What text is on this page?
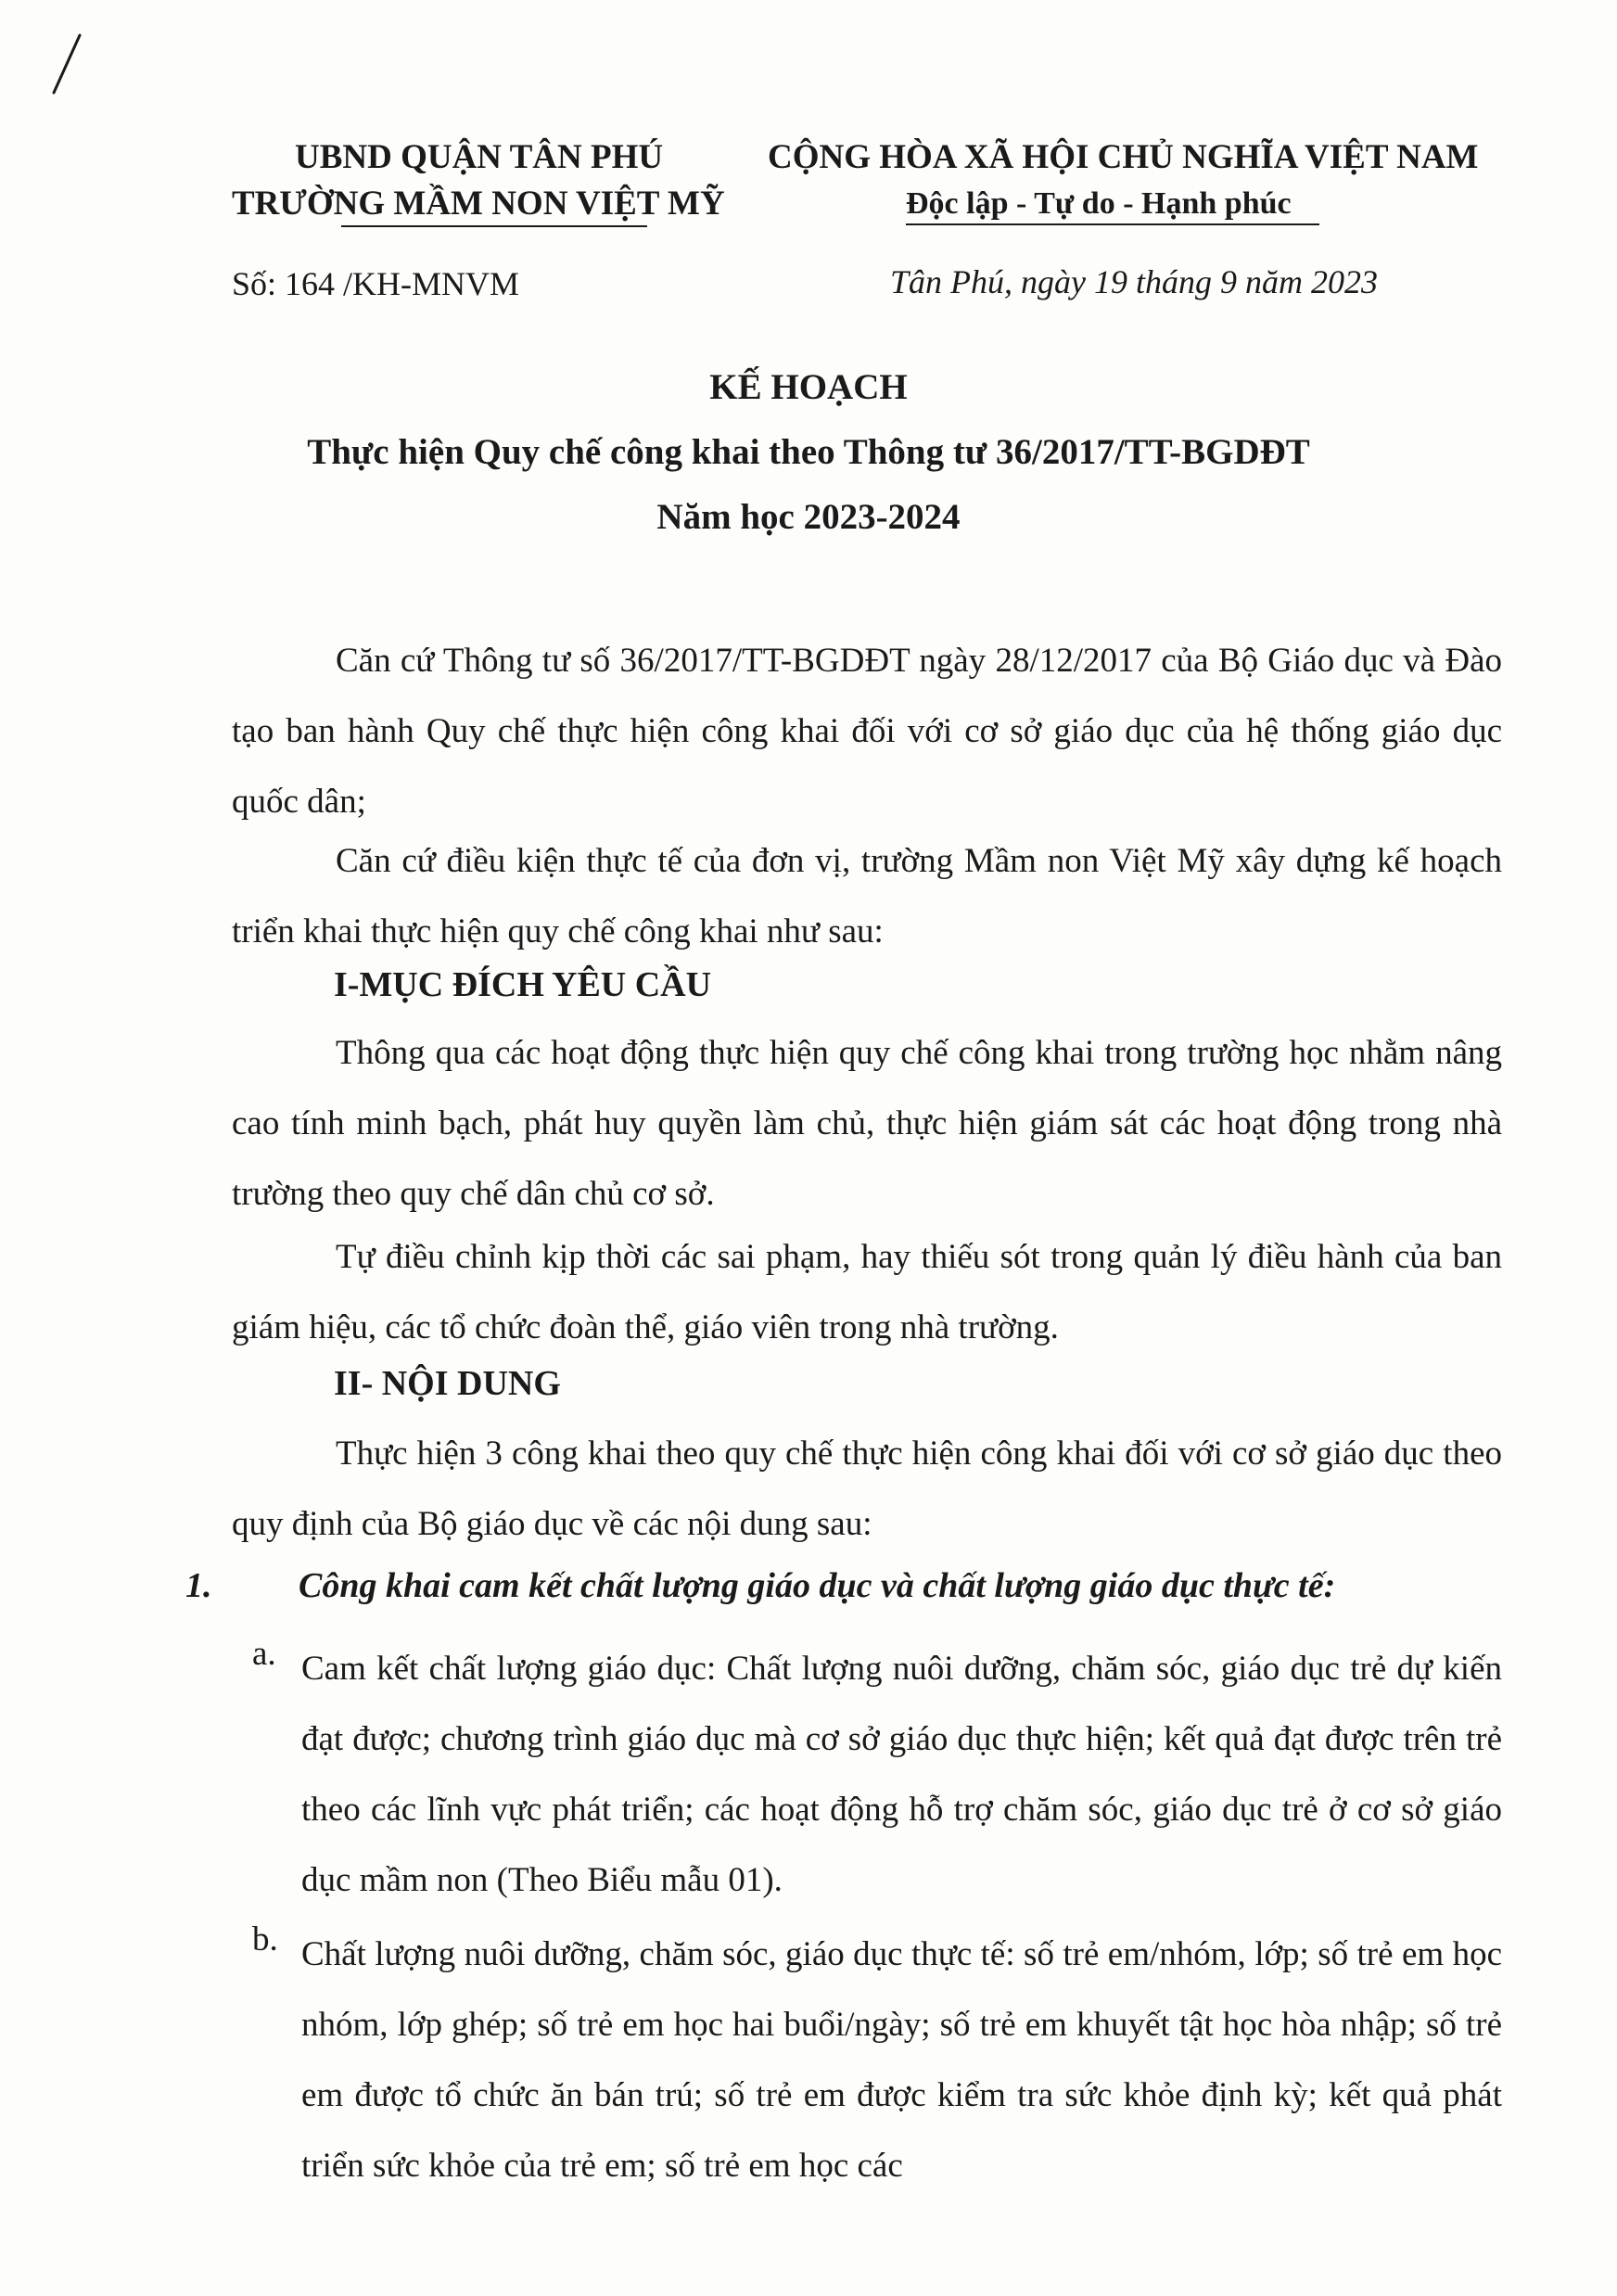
UBND QUẬN TÂN PHÚ
TRƯỜNG MẦM NON VIỆT MỸ
CỘNG HÒA XÃ HỘI CHỦ NGHĨA VIỆT NAM
Độc lập - Tự do - Hạnh phúc
Số: 164 /KH-MNVM	Tân Phú, ngày 19 tháng 9 năm 2023
KẾ HOẠCH
Thực hiện Quy chế công khai theo Thông tư 36/2017/TT-BGDĐT
Năm học 2023-2024

Căn cứ Thông tư số 36/2017/TT-BGDĐT ngày 28/12/2017 của Bộ Giáo dục và Đào tạo ban hành Quy chế thực hiện công khai đối với cơ sở giáo dục của hệ thống giáo dục quốc dân;

Căn cứ điều kiện thực tế của đơn vị, trường Mầm non Việt Mỹ xây dựng kế hoạch triển khai thực hiện quy chế công khai như sau:

I-MỤC ĐÍCH YÊU CẦU

Thông qua các hoạt động thực hiện quy chế công khai trong trường học nhằm nâng cao tính minh bạch, phát huy quyền làm chủ, thực hiện giám sát các hoạt động trong nhà trường theo quy chế dân chủ cơ sở.

Tự điều chỉnh kịp thời các sai phạm, hay thiếu sót trong quản lý điều hành của ban giám hiệu, các tổ chức đoàn thể, giáo viên trong nhà trường.

II- NỘI DUNG

Thực hiện 3 công khai theo quy chế thực hiện công khai đối với cơ sở giáo dục theo quy định của Bộ giáo dục về các nội dung sau:

1. Công khai cam kết chất lượng giáo dục và chất lượng giáo dục thực tế:
a. Cam kết chất lượng giáo dục: Chất lượng nuôi dưỡng, chăm sóc, giáo dục trẻ dự kiến đạt được; chương trình giáo dục mà cơ sở giáo dục thực hiện; kết quả đạt được trên trẻ theo các lĩnh vực phát triển; các hoạt động hỗ trợ chăm sóc, giáo dục trẻ ở cơ sở giáo dục mầm non (Theo Biểu mẫu 01).

b. Chất lượng nuôi dưỡng, chăm sóc, giáo dục thực tế: số trẻ em/nhóm, lớp; số trẻ em học nhóm, lớp ghép; số trẻ em học hai buổi/ngày; số trẻ em khuyết tật học hòa nhập; số trẻ em được tổ chức ăn bán trú; số trẻ em được kiểm tra sức khỏe định kỳ; kết quả phát triển sức khỏe của trẻ em; số trẻ em học các
